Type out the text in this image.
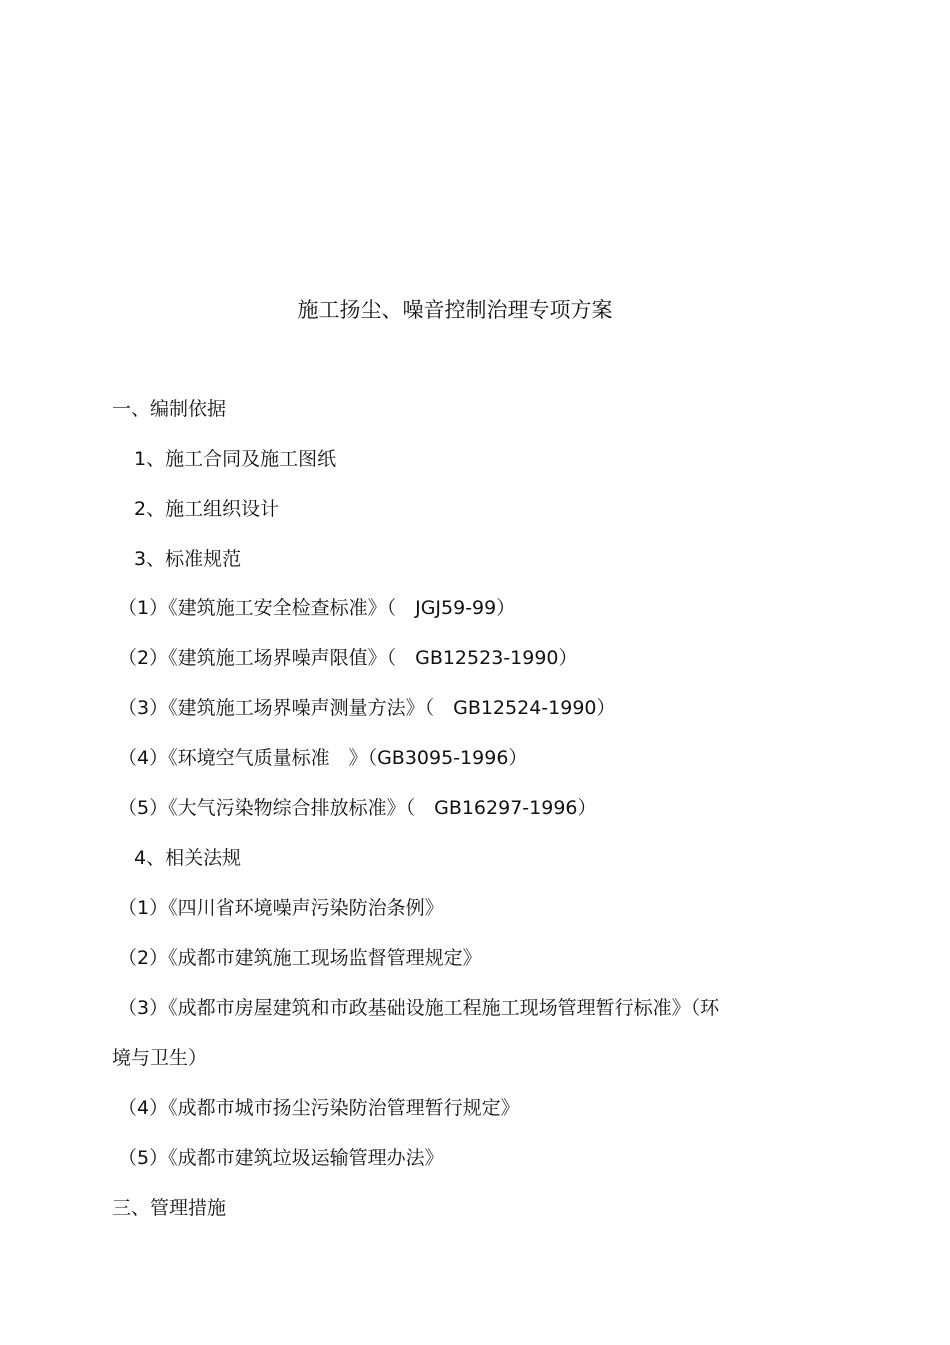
施工扬尘、噪音控制治理专项方案

一、编制依据

1、施工合同及施工图纸

2、施工组织设计

3、标准规范

（1）《建筑施工安全检查标准》（　JGJ59-99）

（2）《建筑施工场界噪声限值》（　GB12523-1990）

（3）《建筑施工场界噪声测量方法》（　GB12524-1990）

（4）《环境空气质量标准　》（GB3095-1996）

（5）《大气污染物综合排放标准》（　GB16297-1996）

4、相关法规

（1）《四川省环境噪声污染防治条例》

（2）《成都市建筑施工现场监督管理规定》

（3）《成都市房屋建筑和市政基础设施工程施工现场管理暂行标准》（环

境与卫生）

（4）《成都市城市扬尘污染防治管理暂行规定》

（5）《成都市建筑垃圾运输管理办法》

三、管理措施
